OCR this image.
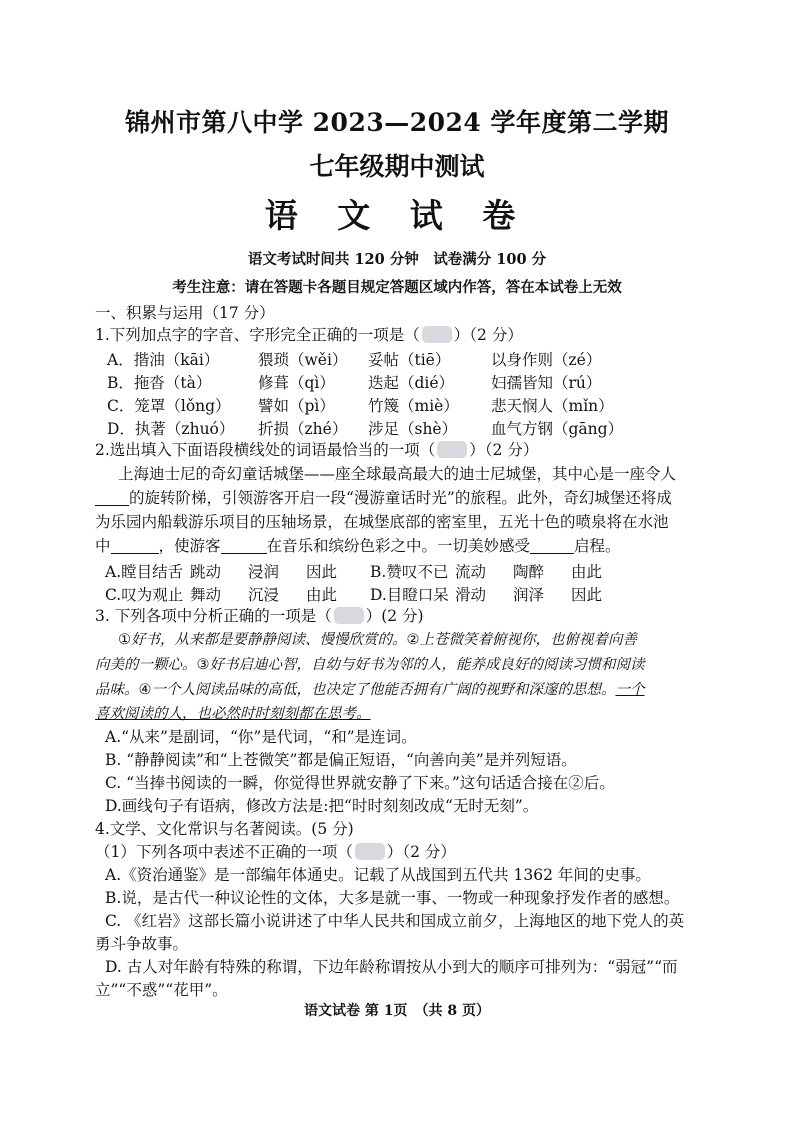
锦州市第八中学 2023—2024 学年度第二学期
七年级期中测试
语 文 试 卷
语文考试时间共 120 分钟　试卷满分 100 分
考生注意：请在答题卡各题目规定答题区域内作答，答在本试卷上无效
一、积累与运用（17 分）
1.下列加点字的字音、字形完全正确的一项是（ ）（2 分）
A．揩油（kāi） 猥琐（wěi） 妥帖（tiē）	以身作则（zé）
B．拖沓（tà）	修葺（qì） 迭起（dié） 妇孺皆知（rú）
C．笼罩（lǒng） 譬如（pì） 竹篾（miè） 悲天悯人（mǐn）
D．执著（zhuó） 折损（zhé） 涉足（shè） 血气方钢（gāng）
2.选出填入下面语段横线处的词语最恰当的一项（ ）（2 分）
上海迪士尼的奇幻童话城堡——座全球最高最大的迪士尼城堡，其中心是一座令人
的旋转阶梯，引领游客开启一段“漫游童话时光”的旅程。此外，奇幻城堡还将成
为乐园内船载游乐项目的压轴场景，在城堡底部的密室里，五光十色的喷泉将在水池
中	，使游客	在音乐和缤纷色彩之中。一切美妙感受	启程。
A.瞠目结舌 跳动 浸润 因此 B.赞叹不已 流动 陶醉 由此
C.叹为观止 舞动 沉浸 由此 D.目瞪口呆 滑动 润泽 因此
3. 下列各项中分析正确的一项是（ ）(2 分)
①好书，从来都是要静静阅读、慢慢欣赏的。②上苍微笑着俯视你，也俯视着向善
向美的一颗心。③好书启迪心智，自幼与好书为邻的人，能养成良好的阅读习惯和阅读
品味。④一个人阅读品味的高低，也决定了他能否拥有广阔的视野和深邃的思想。一个
喜欢阅读的人，也必然时时刻刻都在思考。
A.“从来”是副词，“你”是代词，“和”是连词。
B. “静静阅读”和“上苍微笑”都是偏正短语，“向善向美”是并列短语。
C. “当捧书阅读的一瞬，你觉得世界就安静了下来。”这句话适合接在②后。
D.画线句子有语病，修改方法是:把“时时刻刻改成“无时无刻”。
4.文学、文化常识与名著阅读。(5 分)
（1）下列各项中表述不正确的一项（ ）（2 分）
A.《资治通鉴》是一部编年体通史。记载了从战国到五代共 1362 年间的史事。
B.说，是古代一种议论性的文体，大多是就一事、一物或一种现象抒发作者的感想。
C. 《红岩》这部长篇小说讲述了中华人民共和国成立前夕，上海地区的地下党人的英
勇斗争故事。
D. 古人对年龄有特殊的称谓，下边年龄称谓按从小到大的顺序可排列为：“弱冠”“而
立”“不惑”“花甲”。
语文试卷 第 1页　（共 8 页）
